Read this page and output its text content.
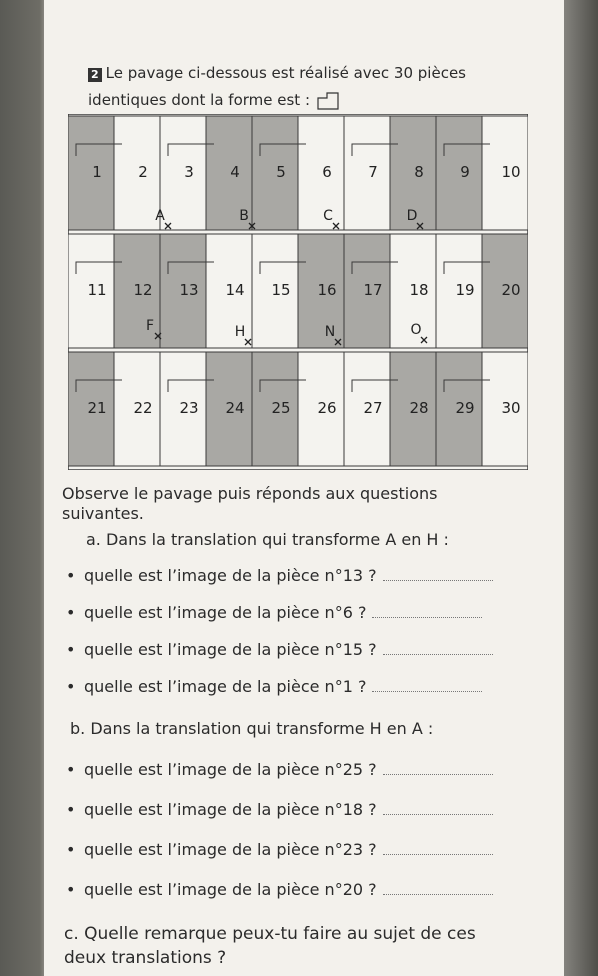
2 Le pavage ci-dessous est réalisé avec 30 pièces
identiques dont la forme est :
1 2 3 4 5 6 7 8 9 10
11 12 13 14 15 16 17 18 19 20
21 22 23 24 25 26 27 28 29 30
A	B	C	D
F	H	N	O
Observe le pavage puis réponds aux questions
suivantes.
a. Dans la translation qui transforme A en H :
• quelle est l’image de la pièce n°13 ?
• quelle est l’image de la pièce n°6 ?
• quelle est l’image de la pièce n°15 ?
• quelle est l’image de la pièce n°1 ?
b. Dans la translation qui transforme H en A :
• quelle est l’image de la pièce n°25 ?
• quelle est l’image de la pièce n°18 ?
• quelle est l’image de la pièce n°23 ?
• quelle est l’image de la pièce n°20 ?
c. Quelle remarque peux-tu faire au sujet de ces
deux translations ?
